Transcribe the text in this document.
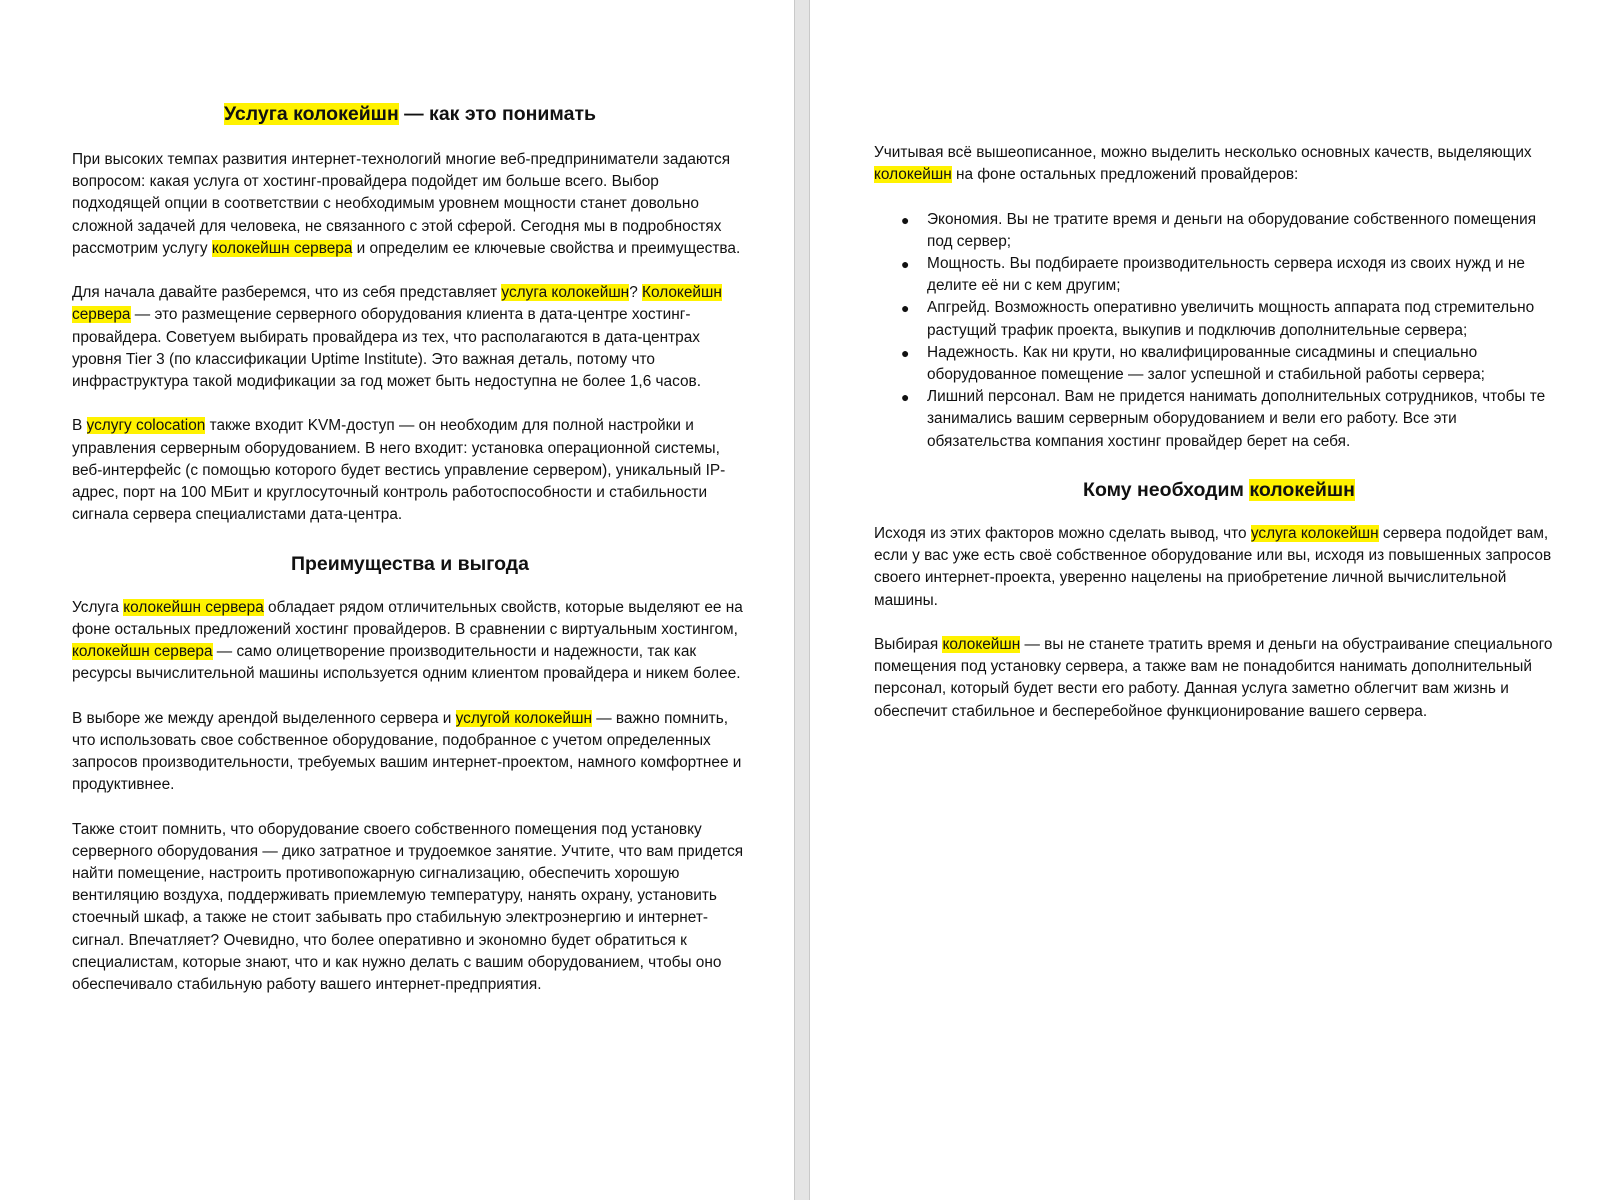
Услуга колокейшн — как это понимать

При высоких темпах развития интернет-технологий многие веб-предприниматели задаются вопросом: какая услуга от хостинг-провайдера подойдет им больше всего. Выбор подходящей опции в соответствии с необходимым уровнем мощности станет довольно сложной задачей для человека, не связанного с этой сферой. Сегодня мы в подробностях рассмотрим услугу колокейшн сервера и определим ее ключевые свойства и преимущества.

Для начала давайте разберемся, что из себя представляет услуга колокейшн? Колокейшн сервера — это размещение серверного оборудования клиента в дата-центре хостинг-провайдера. Советуем выбирать провайдера из тех, что располагаются в дата-центрах уровня Tier 3 (по классификации Uptime Institute). Это важная деталь, потому что инфраструктура такой модификации за год может быть недоступна не более 1,6 часов.

В услугу colocation также входит KVM-доступ — он необходим для полной настройки и управления серверным оборудованием. В него входит: установка операционной системы, веб-интерфейс (с помощью которого будет вестись управление сервером), уникальный IP-адрес, порт на 100 МБит и круглосуточный контроль работоспособности и стабильности сигнала сервера специалистами дата-центра.

Преимущества и выгода

Услуга колокейшн сервера обладает рядом отличительных свойств, которые выделяют ее на фоне остальных предложений хостинг провайдеров. В сравнении с виртуальным хостингом, колокейшн сервера — само олицетворение производительности и надежности, так как ресурсы вычислительной машины используется одним клиентом провайдера и никем более.

В выборе же между арендой выделенного сервера и услугой колокейшн — важно помнить, что использовать свое собственное оборудование, подобранное с учетом определенных запросов производительности, требуемых вашим интернет-проектом, намного комфортнее и продуктивнее.

Также стоит помнить, что оборудование своего собственного помещения под установку серверного оборудования — дико затратное и трудоемкое занятие. Учтите, что вам придется найти помещение, настроить противопожарную сигнализацию, обеспечить хорошую вентиляцию воздуха, поддерживать приемлемую температуру, нанять охрану, установить стоечный шкаф, а также не стоит забывать про стабильную электроэнергию и интернет-сигнал. Впечатляет? Очевидно, что более оперативно и экономно будет обратиться к специалистам, которые знают, что и как нужно делать с вашим оборудованием, чтобы оно обеспечивало стабильную работу вашего интернет-предприятия.

Учитывая всё вышеописанное, можно выделить несколько основных качеств, выделяющих колокейшн на фоне остальных предложений провайдеров:

● Экономия. Вы не тратите время и деньги на оборудование собственного помещения под сервер;
● Мощность. Вы подбираете производительность сервера исходя из своих нужд и не делите её ни с кем другим;
● Апгрейд. Возможность оперативно увеличить мощность аппарата под стремительно растущий трафик проекта, выкупив и подключив дополнительные сервера;
● Надежность. Как ни крути, но квалифицированные сисадмины и специально оборудованное помещение — залог успешной и стабильной работы сервера;
● Лишний персонал. Вам не придется нанимать дополнительных сотрудников, чтобы те занимались вашим серверным оборудованием и вели его работу. Все эти обязательства компания хостинг провайдер берет на себя.
Кому необходим колокейшн

Исходя из этих факторов можно сделать вывод, что услуга колокейшн сервера подойдет вам, если у вас уже есть своё собственное оборудование или вы, исходя из повышенных запросов своего интернет-проекта, уверенно нацелены на приобретение личной вычислительной машины.

Выбирая колокейшн — вы не станете тратить время и деньги на обустраивание специального помещения под установку сервера, а также вам не понадобится нанимать дополнительный персонал, который будет вести его работу. Данная услуга заметно облегчит вам жизнь и обеспечит стабильное и бесперебойное функционирование вашего сервера.
